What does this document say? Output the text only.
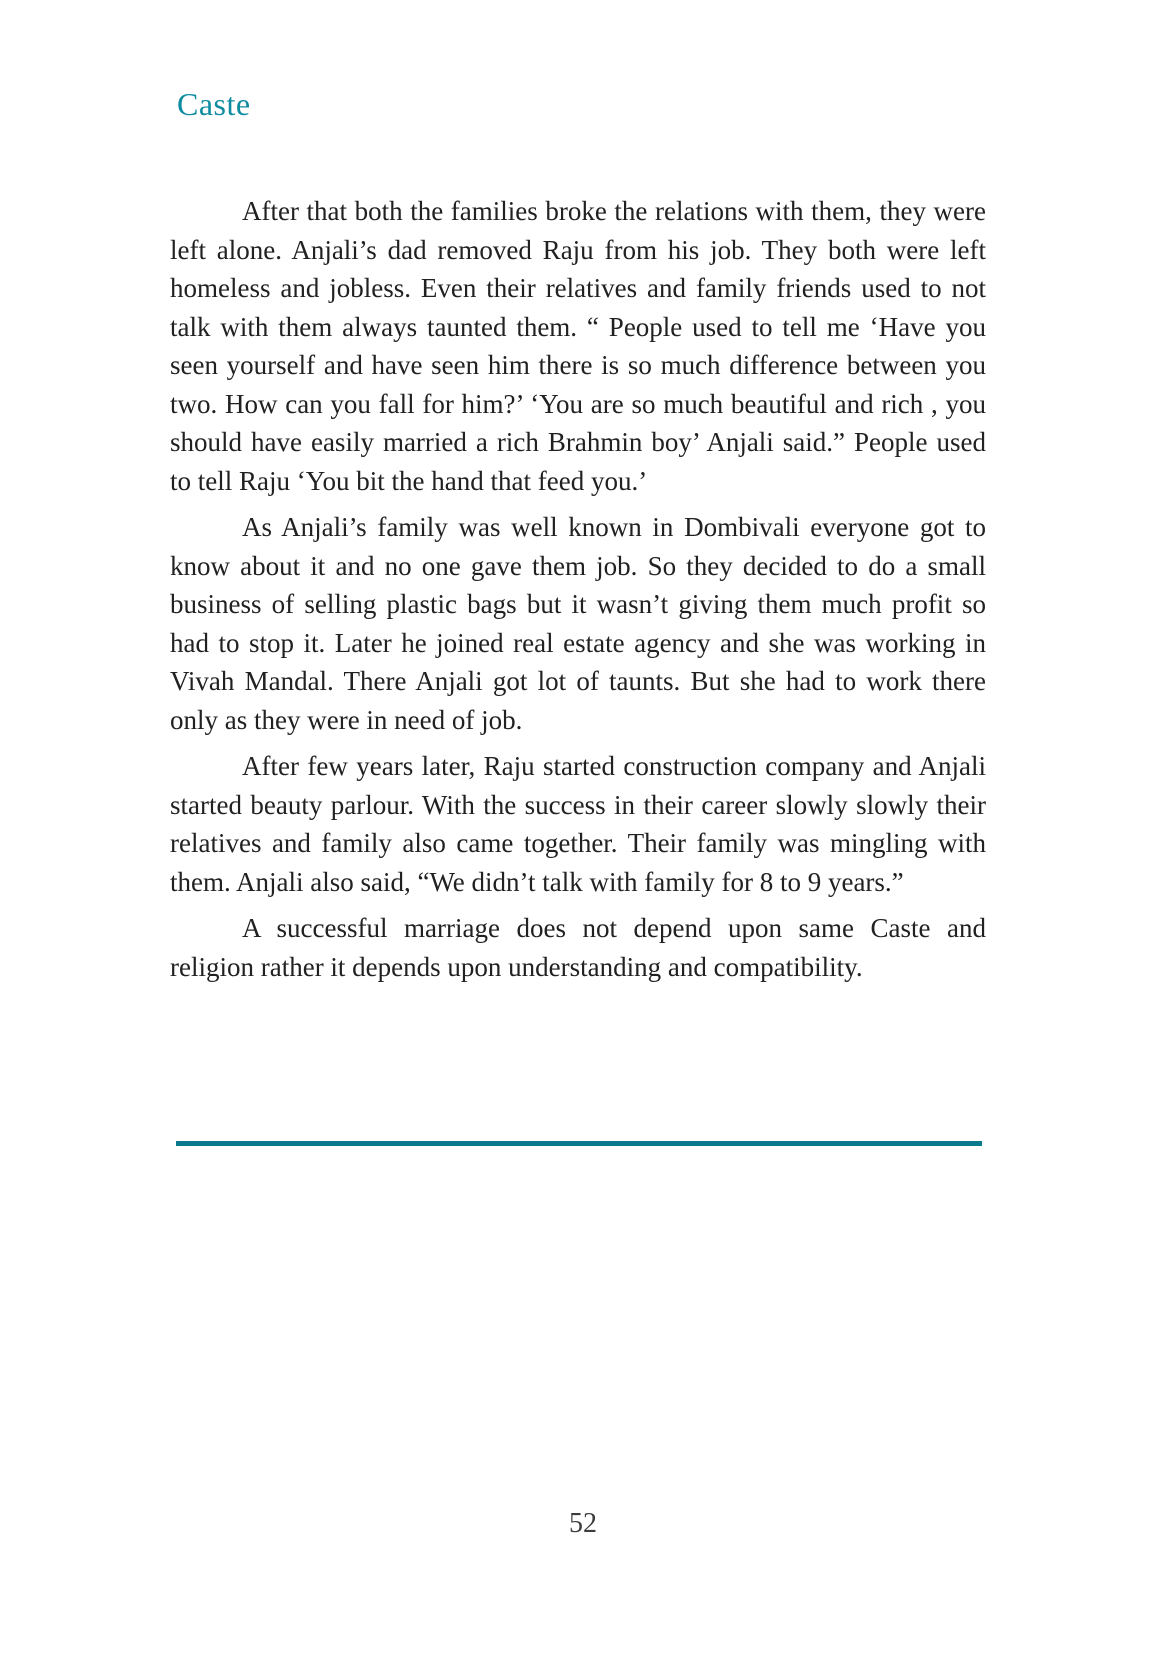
Caste

After that both the families broke the relations with them, they were left alone. Anjali’s dad removed Raju from his job. They both were left homeless and jobless. Even their relatives and family friends used to not talk with them always taunted them. “ People used to tell me ‘Have you seen yourself and have seen him there is so much difference between you two. How can you fall for him?’ ‘You are so much beautiful and rich , you should have easily married a rich Brahmin boy’ Anjali said.” People used to tell Raju ‘You bit the hand that feed you.’

As Anjali’s family was well known in Dombivali everyone got to know about it and no one gave them job. So they decided to do a small business of selling plastic bags but it wasn’t giving them much profit so had to stop it. Later he joined real estate agency and she was working in Vivah Mandal. There Anjali got lot of taunts. But she had to work there only as they were in need of job.

After few years later, Raju started construction company and Anjali started beauty parlour. With the success in their career slowly slowly their relatives and family also came together. Their family was mingling with them. Anjali also said, “We didn’t talk with family for 8 to 9 years.”

A successful marriage does not depend upon same Caste and religion rather it depends upon understanding and compatibility.

52
